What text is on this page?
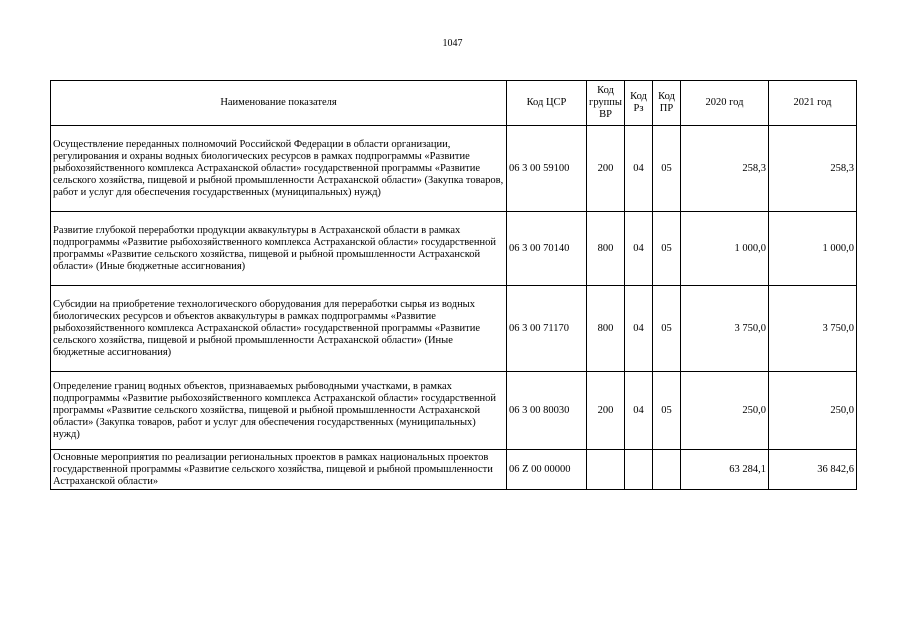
1047
Наименование показателя	Код ЦСР	Код группы ВР	Код Рз	Код ПР	2020 год	2021 год
Осуществление переданных полномочий Российской Федерации в области организации, регулирования и охраны водных биологических ресурсов в рамках подпрограммы «Развитие рыбохозяйственного комплекса Астраханской области» государственной программы «Развитие сельского хозяйства, пищевой и рыбной промышленности Астраханской области» (Закупка товаров, работ и услуг для обеспечения государственных (муниципальных) нужд)	06 3 00 59100	200	04	05	258,3	258,3
Развитие глубокой переработки продукции аквакультуры в Астраханской области в рамках подпрограммы «Развитие рыбохозяйственного комплекса Астраханской области» государственной программы «Развитие сельского хозяйства, пищевой и рыбной промышленности Астраханской области» (Иные бюджетные ассигнования)	06 3 00 70140	800	04	05	1 000,0	1 000,0
Субсидии на приобретение технологического оборудования для переработки сырья из водных биологических ресурсов и объектов аквакультуры в рамках подпрограммы «Развитие рыбохозяйственного комплекса Астраханской области» государственной программы «Развитие сельского хозяйства, пищевой и рыбной промышленности Астраханской области» (Иные бюджетные ассигнования)	06 3 00 71170	800	04	05	3 750,0	3 750,0
Определение границ водных объектов, признаваемых рыбоводными участками, в рамках подпрограммы «Развитие рыбохозяйственного комплекса Астраханской области» государственной программы «Развитие сельского хозяйства, пищевой и рыбной промышленности Астраханской области» (Закупка товаров, работ и услуг для обеспечения государственных (муниципальных) нужд)	06 3 00 80030	200	04	05	250,0	250,0
Основные мероприятия по реализации региональных проектов в рамках национальных проектов государственной программы «Развитие сельского хозяйства, пищевой и рыбной промышленности Астраханской области»	06 Z 00 00000				63 284,1	36 842,6
